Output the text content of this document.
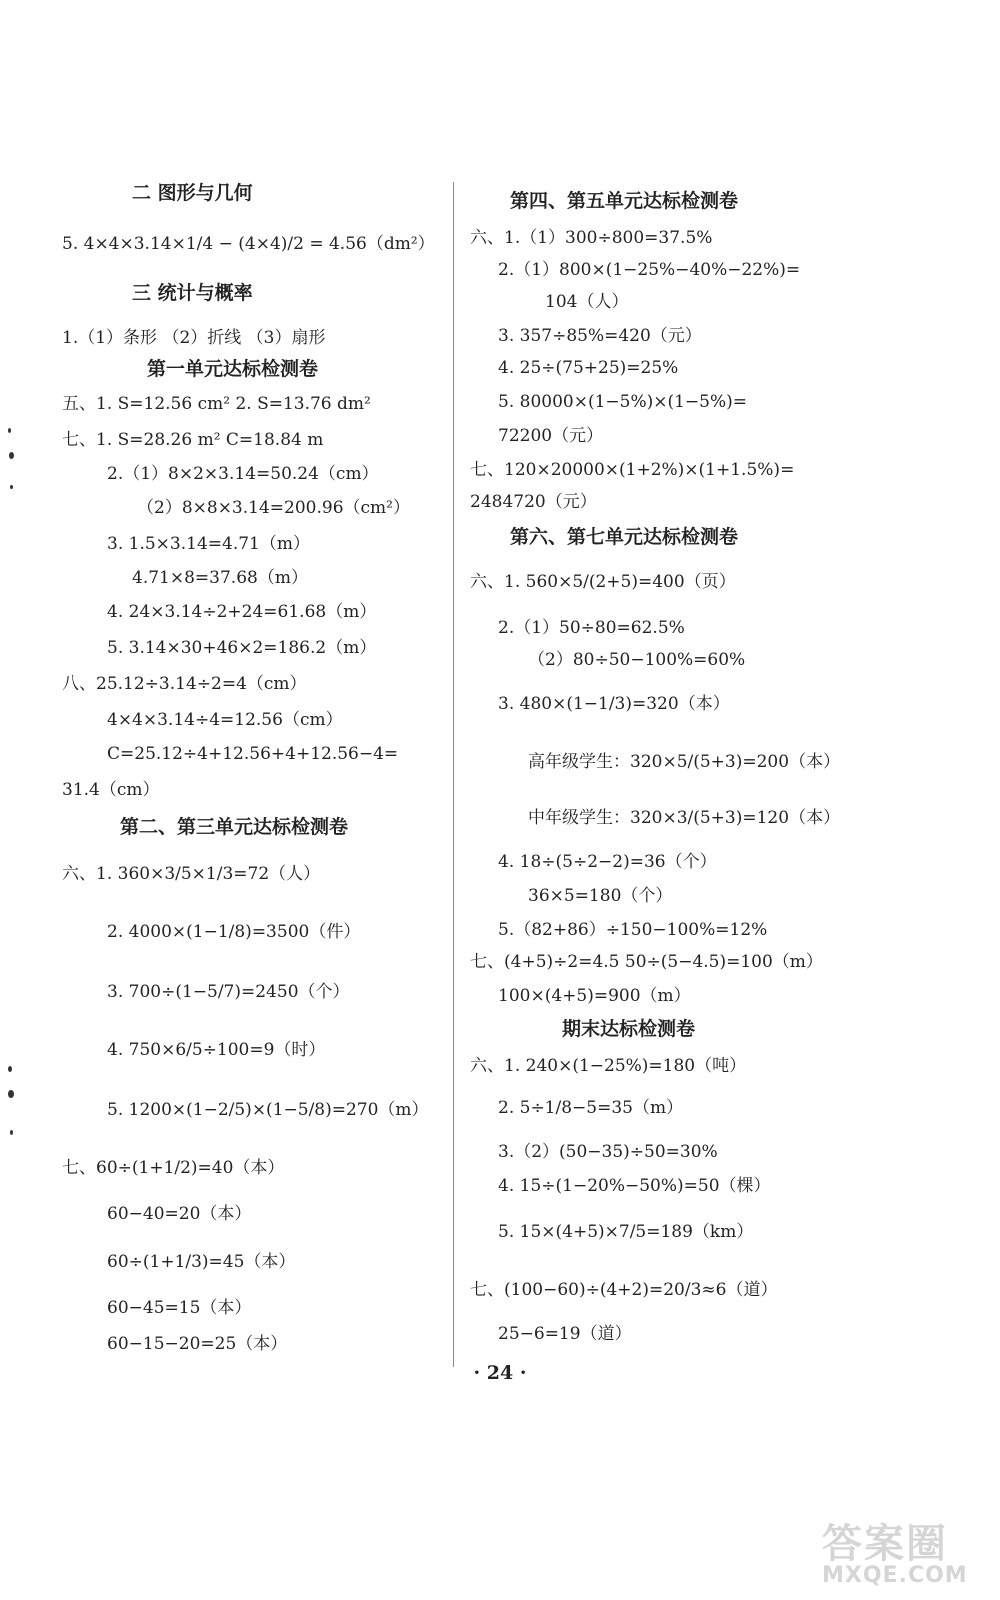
二 图形与几何
5. 4×4×3.14×1/4 − (4×4)/2 = 4.56（dm²）
三 统计与概率
1.（1）条形 （2）折线 （3）扇形
第一单元达标检测卷
五、1. S=12.56 cm² 2. S=13.76 dm²
七、1. S=28.26 m² C=18.84 m
2.（1）8×2×3.14=50.24（cm）
（2）8×8×3.14=200.96（cm²）
3. 1.5×3.14=4.71（m）
4.71×8=37.68（m）
4. 24×3.14÷2+24=61.68（m）
5. 3.14×30+46×2=186.2（m）
八、25.12÷3.14÷2=4（cm）
4×4×3.14÷4=12.56（cm）
C=25.12÷4+12.56+4+12.56−4=
31.4（cm）
第二、第三单元达标检测卷
六、1. 360×3/5×1/3=72（人）
2. 4000×(1−1/8)=3500（件）
3. 700÷(1−5/7)=2450（个）
4. 750×6/5÷100=9（时）
5. 1200×(1−2/5)×(1−5/8)=270（m）
七、60÷(1+1/2)=40（本）
60−40=20（本）
60÷(1+1/3)=45（本）
60−45=15（本）
60−15−20=25（本）
第四、第五单元达标检测卷
六、1.（1）300÷800=37.5%
2.（1）800×(1−25%−40%−22%)=
104（人）
3. 357÷85%=420（元）
4. 25÷(75+25)=25%
5. 80000×(1−5%)×(1−5%)=
72200（元）
七、120×20000×(1+2%)×(1+1.5%)=
2484720（元）
第六、第七单元达标检测卷
六、1. 560×5/(2+5)=400（页）
2.（1）50÷80=62.5%
（2）80÷50−100%=60%
3. 480×(1−1/3)=320（本）
高年级学生：320×5/(5+3)=200（本）
中年级学生：320×3/(5+3)=120（本）
4. 18÷(5÷2−2)=36（个）
36×5=180（个）
5.（82+86）÷150−100%=12%
七、(4+5)÷2=4.5 50÷(5−4.5)=100（m）
100×(4+5)=900（m）
期末达标检测卷
六、1. 240×(1−25%)=180（吨）
2. 5÷1/8−5=35（m）
3.（2）(50−35)÷50=30%
4. 15÷(1−20%−50%)=50（棵）
5. 15×(4+5)×7/5=189（km）
七、(100−60)÷(4+2)=20/3≈6（道）
25−6=19（道）
· 24 ·
答案圈
MXQE.COM
